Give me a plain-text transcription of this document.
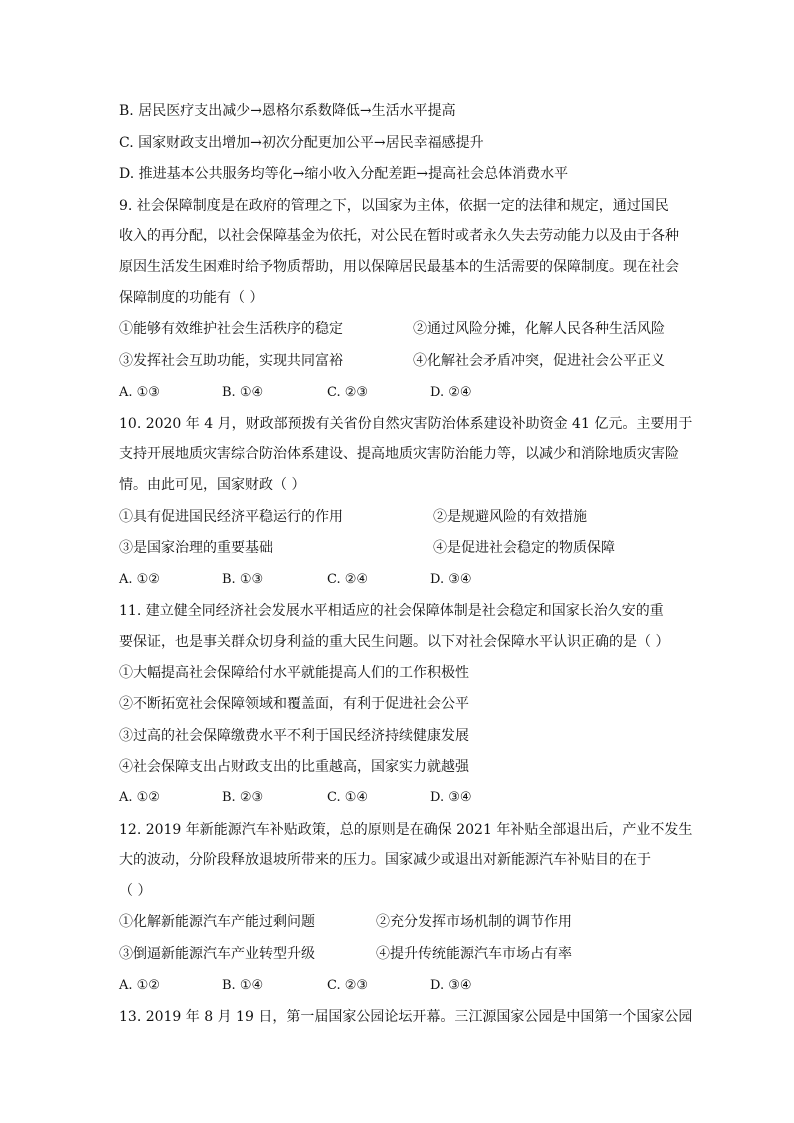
B. 居民医疗支出减少→恩格尔系数降低→生活水平提高
C. 国家财政支出增加→初次分配更加公平→居民幸福感提升
D. 推进基本公共服务均等化→缩小收入分配差距→提高社会总体消费水平
9. 社会保障制度是在政府的管理之下，以国家为主体，依据一定的法律和规定，通过国民
收入的再分配，以社会保障基金为依托，对公民在暂时或者永久失去劳动能力以及由于各种
原因生活发生困难时给予物质帮助，用以保障居民最基本的生活需要的保障制度。现在社会
保障制度的功能有（ ）
①能够有效维护社会生活秩序的稳定	②通过风险分摊，化解人民各种生活风险
③发挥社会互助功能，实现共同富裕	④化解社会矛盾冲突，促进社会公平正义
A. ①③	B. ①④	C. ②③	D. ②④
10. 2020 年 4 月，财政部预拨有关省份自然灾害防治体系建设补助资金 41 亿元。主要用于
支持开展地质灾害综合防治体系建设、提高地质灾害防治能力等，以减少和消除地质灾害险
情。由此可见，国家财政（ ）
①具有促进国民经济平稳运行的作用	②是规避风险的有效措施
③是国家治理的重要基础	④是促进社会稳定的物质保障
A. ①②	B. ①③	C. ②④	D. ③④
11. 建立健全同经济社会发展水平相适应的社会保障体制是社会稳定和国家长治久安的重
要保证，也是事关群众切身利益的重大民生问题。以下对社会保障水平认识正确的是（ ）
①大幅提高社会保障给付水平就能提高人们的工作积极性
②不断拓宽社会保障领域和覆盖面，有利于促进社会公平
③过高的社会保障缴费水平不利于国民经济持续健康发展
④社会保障支出占财政支出的比重越高，国家实力就越强
A. ①②	B. ②③	C. ①④	D. ③④
12. 2019 年新能源汽车补贴政策，总的原则是在确保 2021 年补贴全部退出后，产业不发生
大的波动，分阶段释放退坡所带来的压力。国家减少或退出对新能源汽车补贴目的在于
（ ）
①化解新能源汽车产能过剩问题	②充分发挥市场机制的调节作用
③倒逼新能源汽车产业转型升级	④提升传统能源汽车市场占有率
A. ①②	B. ①④	C. ②③	D. ③④
13. 2019 年 8 月 19 日，第一届国家公园论坛开幕。三江源国家公园是中国第一个国家公园
